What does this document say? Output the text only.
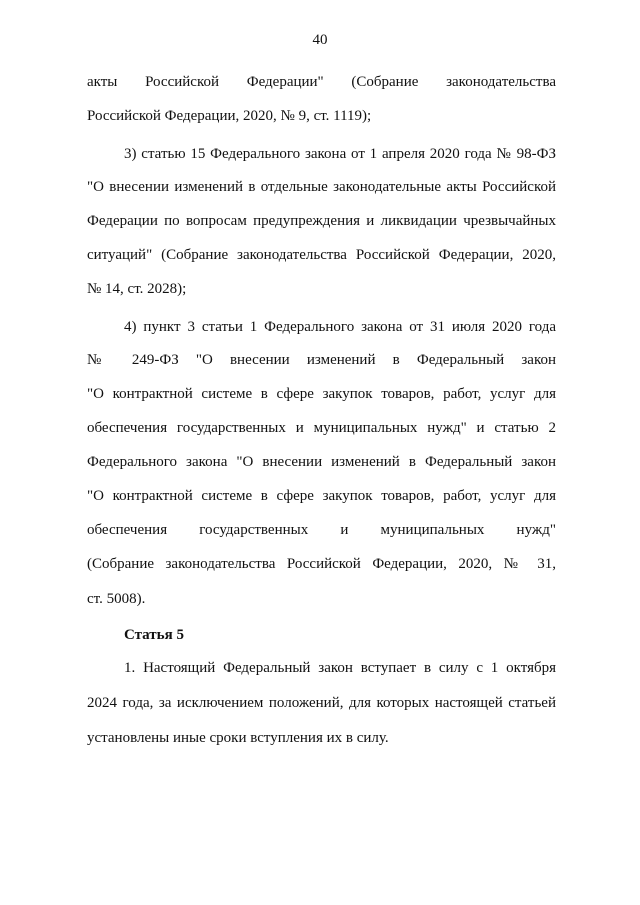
40
акты Российской Федерации" (Собрание законодательства
Российской Федерации, 2020, № 9, ст. 1119);
3) статью 15 Федерального закона от 1 апреля 2020 года № 98-ФЗ
"О внесении изменений в отдельные законодательные акты Российской
Федерации по вопросам предупреждения и ликвидации чрезвычайных
ситуаций" (Собрание законодательства Российской Федерации, 2020,
№ 14, ст. 2028);
4) пункт 3 статьи 1 Федерального закона от 31 июля 2020 года
№ 249-ФЗ "О внесении изменений в Федеральный закон
"О контрактной системе в сфере закупок товаров, работ, услуг для
обеспечения государственных и муниципальных нужд" и статью 2
Федерального закона "О внесении изменений в Федеральный закон
"О контрактной системе в сфере закупок товаров, работ, услуг для
обеспечения государственных и муниципальных нужд"
(Собрание законодательства Российской Федерации, 2020, № 31,
ст. 5008).
Статья 5
1. Настоящий Федеральный закон вступает в силу с 1 октября
2024 года, за исключением положений, для которых настоящей статьей
установлены иные сроки вступления их в силу.
